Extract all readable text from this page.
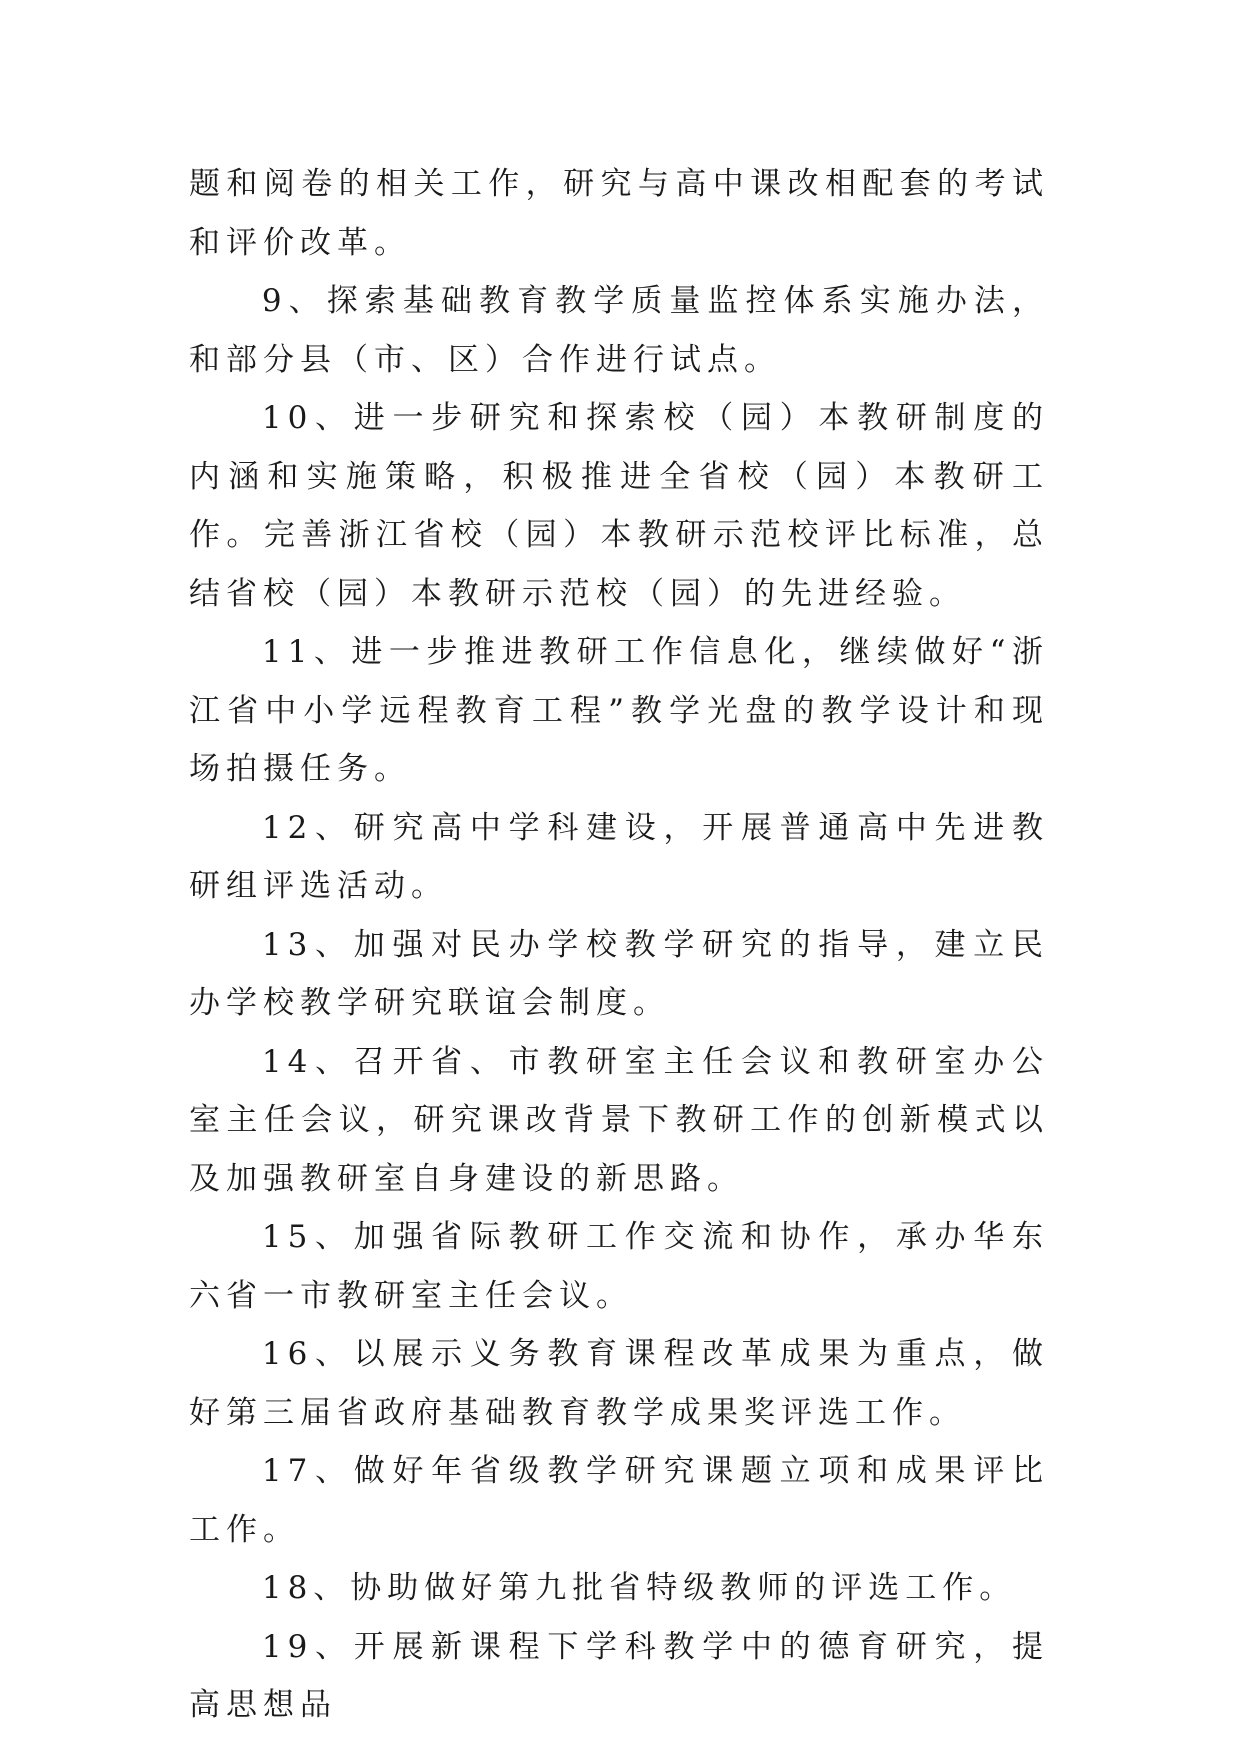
题和阅卷的相关工作，研究与高中课改相配套的考试和评价改革。

9、探索基础教育教学质量监控体系实施办法，和部分县（市、区）合作进行试点。

10、进一步研究和探索校（园）本教研制度的内涵和实施策略，积极推进全省校（园）本教研工作。完善浙江省校（园）本教研示范校评比标准，总结省校（园）本教研示范校（园）的先进经验。

11、进一步推进教研工作信息化，继续做好“浙江省中小学远程教育工程”教学光盘的教学设计和现场拍摄任务。

12、研究高中学科建设，开展普通高中先进教研组评选活动。

13、加强对民办学校教学研究的指导，建立民办学校教学研究联谊会制度。

14、召开省、市教研室主任会议和教研室办公室主任会议，研究课改背景下教研工作的创新模式以及加强教研室自身建设的新思路。

15、加强省际教研工作交流和协作，承办华东六省一市教研室主任会议。

16、以展示义务教育课程改革成果为重点，做好第三届省政府基础教育教学成果奖评选工作。

17、做好年省级教学研究课题立项和成果评比工作。

18、协助做好第九批省特级教师的评选工作。

19、开展新课程下学科教学中的德育研究，提高思想品
